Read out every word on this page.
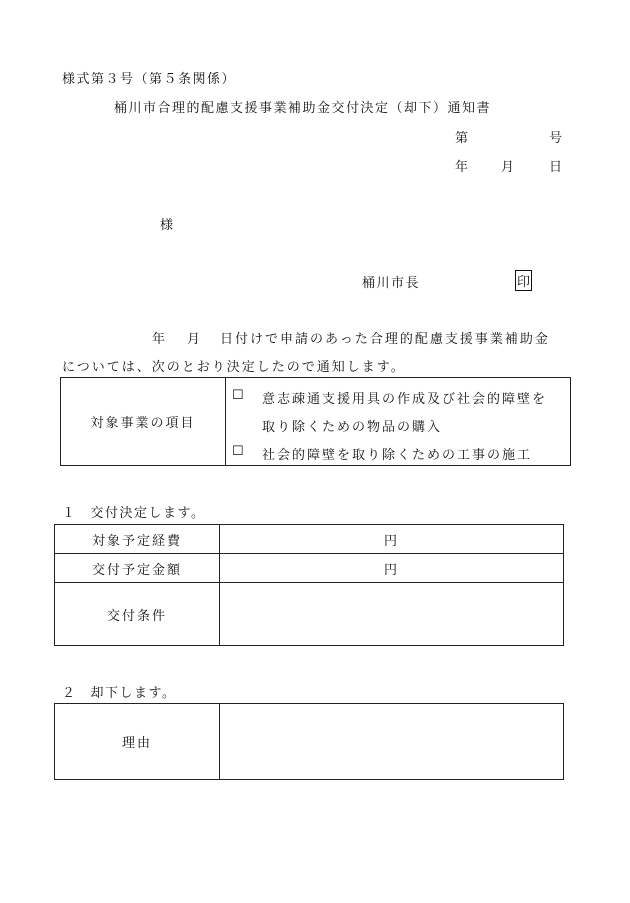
様式第３号（第５条関係）
桶川市合理的配慮支援事業補助金交付決定（却下）通知書
第	号
年 月	日
様
桶川市長	印
年 月 日付けで申請のあった合理的配慮支援事業補助金
については、次のとおり決定したので通知します。
対象事業の項目	
☐ 意志疎通支援用具の作成及び社会的障壁を
取り除くための物品の購入
☐ 社会的障壁を取り除くための工事の施工
１ 交付決定します。
対象予定経費	円
交付予定金額	円
交付条件	
２ 却下します。
理由	
